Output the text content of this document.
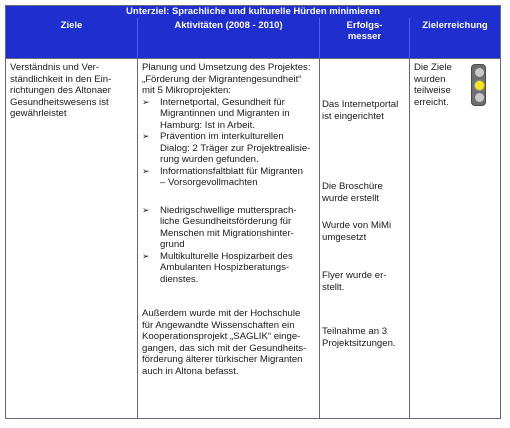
Unterziel: Sprachliche und kulturelle Hürden minimieren
Ziele	Aktivitäten (2008 - 2010)	Erfolgs-
messer
Zielerreichung
Verständnis und Ver-
ständlichkeit in den Ein-
richtungen des Altonaer
Gesundheitswesens ist
gewährleistet
Planung und Umsetzung des Projektes:
„Förderung der Migrantengesundheit“
mit 5 Mikroprojekten:
➢ Internetportal, Gesundheit für
Migrantinnen und Migranten in
Hamburg: Ist in Arbeit.
➢ Prävention im interkulturellen
Dialog: 2 Träger zur Projektrealisie-
rung wurden gefunden.
➢ Informationsfaltblatt für Migranten
– Vorsorgevollmachten
➢ Niedrigschwellige muttersprach-
liche Gesundheitsförderung für
Menschen mit Migrationshinter-
grund
➢ Multikulturelle Hospizarbeit des
Ambulanten Hospizberatungs-
dienstes.
Außerdem wurde mit der Hochschule
für Angewandte Wissenschaften ein
Kooperationsprojekt „SAGLIK“ einge-
gangen, das sich mit der Gesundheits-
förderung älterer türkischer Migranten
auch in Altona befasst.
Das Internetportal
ist eingerichtet
Die Broschüre
wurde erstellt
Wurde von MiMi
umgesetzt
Flyer wurde er-
stellt.
Teilnahme an 3
Projektsitzungen.
Die Ziele
wurden
teilweise
erreicht.
